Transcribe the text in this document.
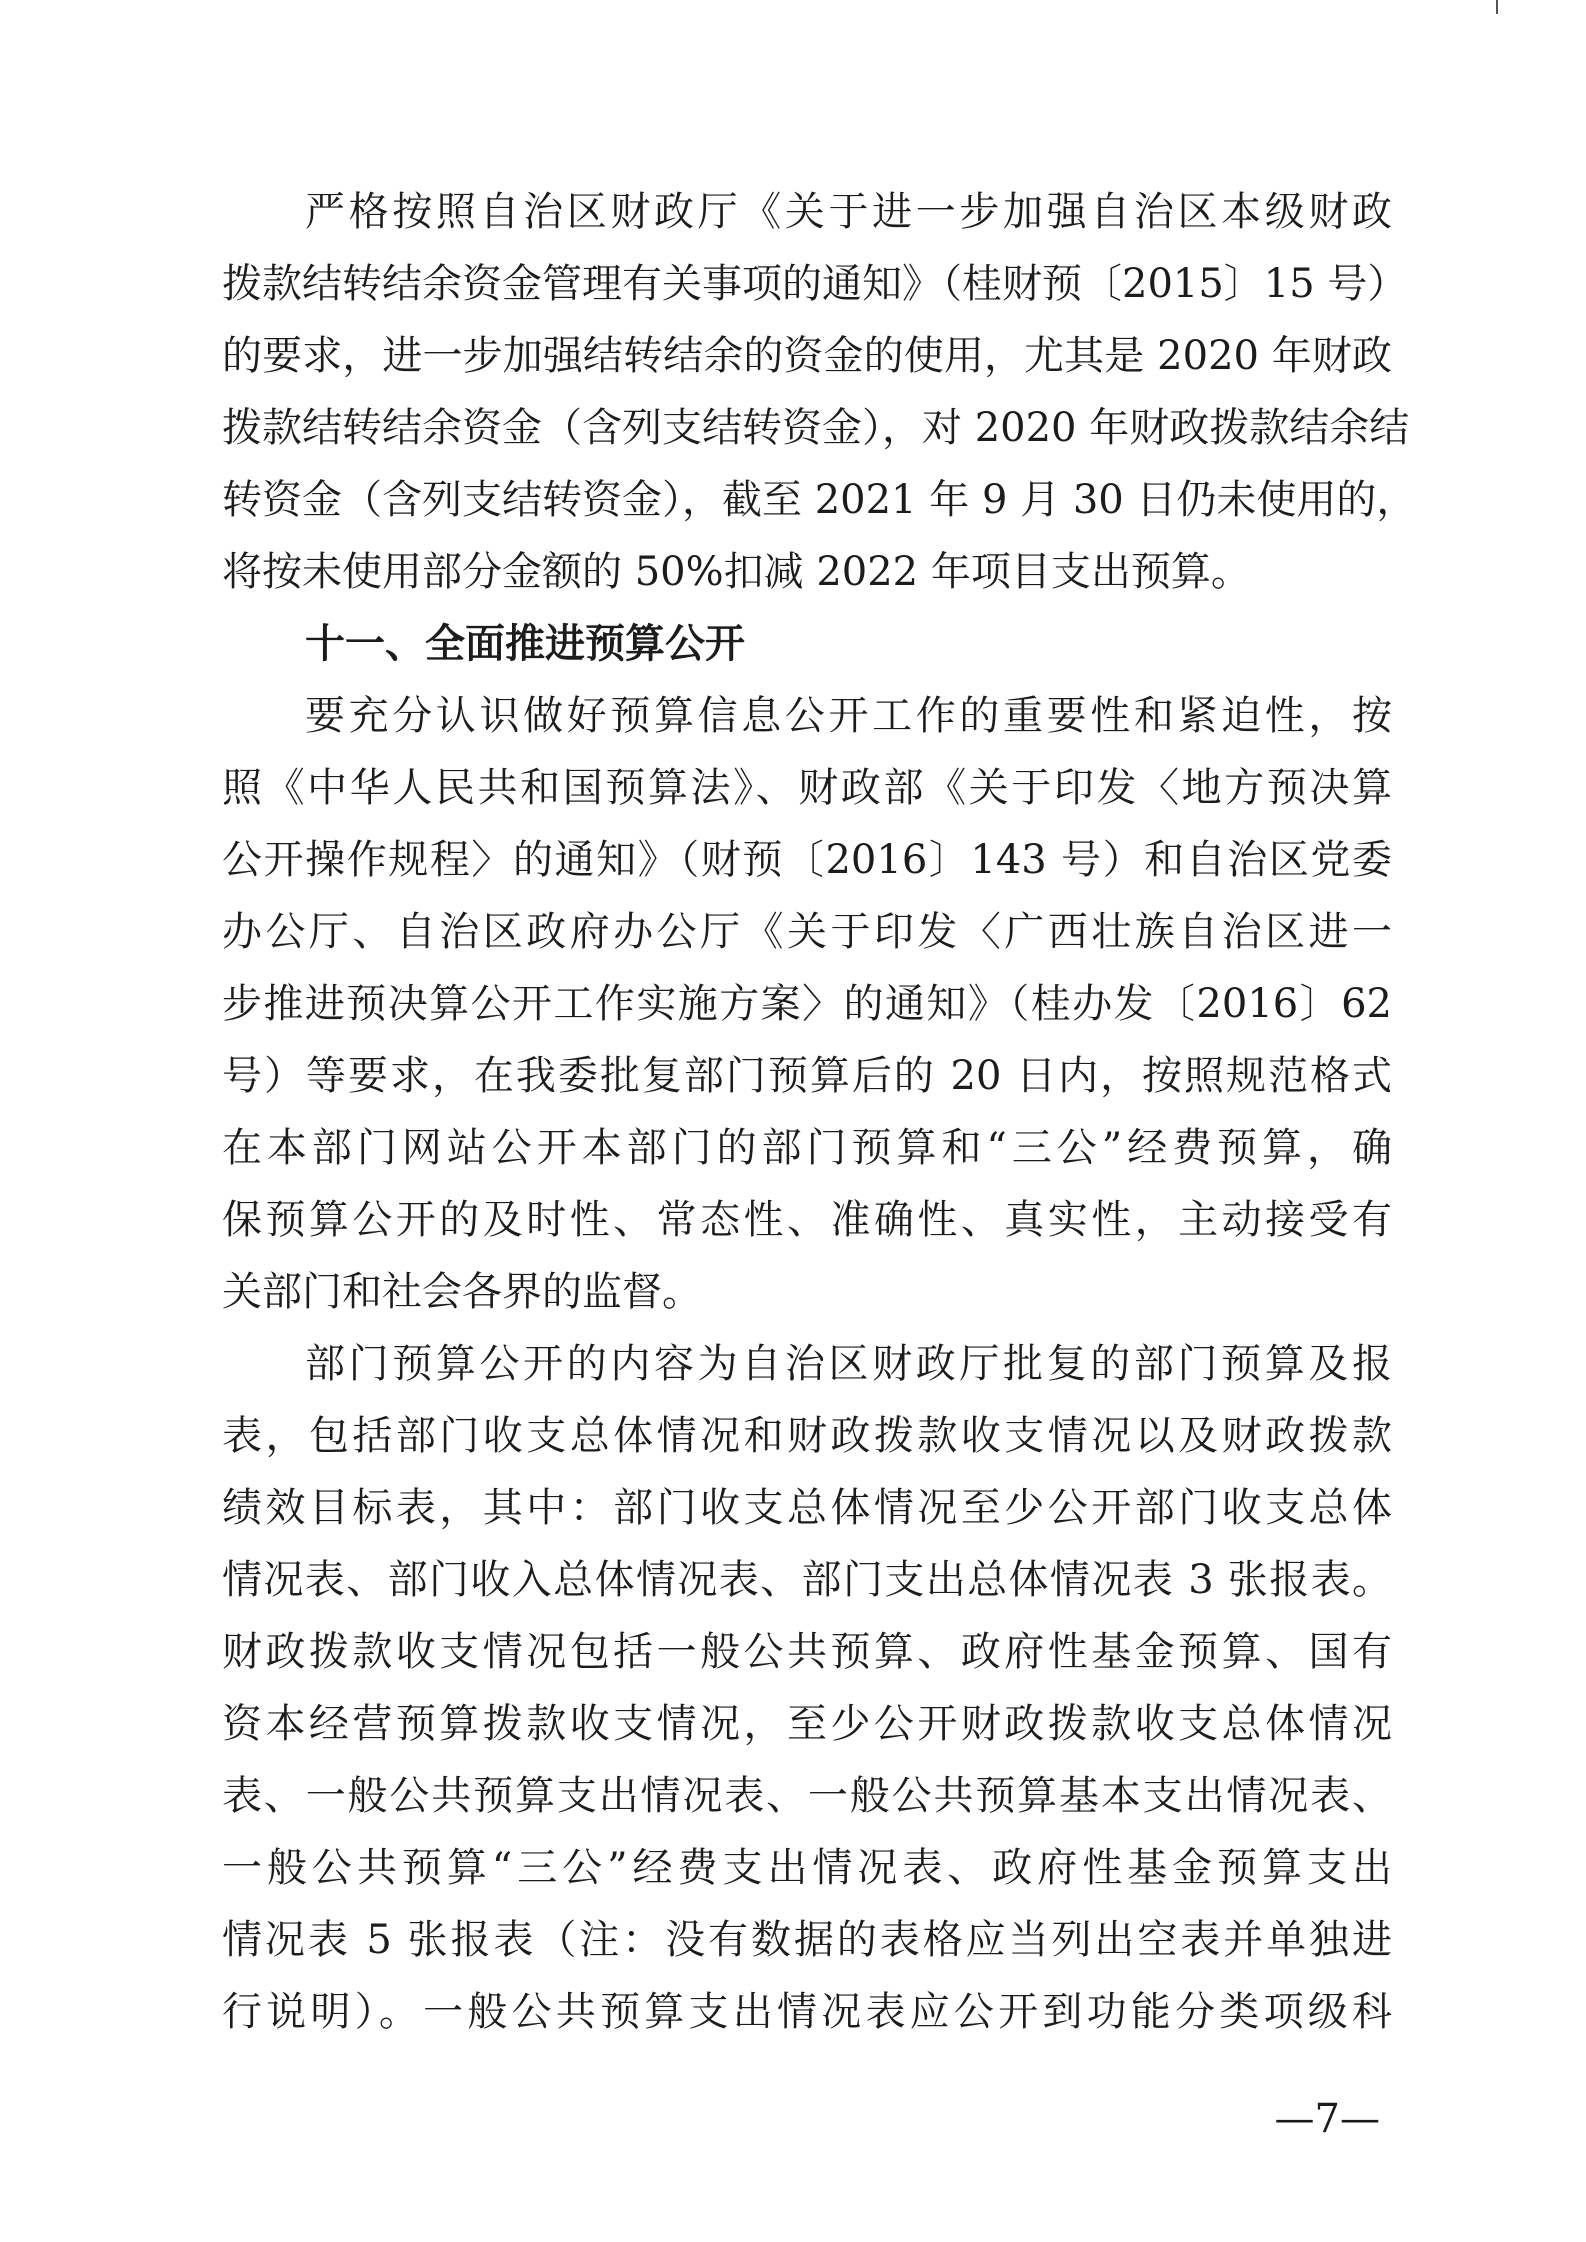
严格按照自治区财政厅《关于进一步加强自治区本级财政
拨款结转结余资金管理有关事项的通知》（桂财预〔2015〕15 号）
的要求，进一步加强结转结余的资金的使用，尤其是 2020 年财政
拨款结转结余资金（含列支结转资金），对 2020 年财政拨款结余结
转资金（含列支结转资金），截至 2021 年 9 月 30 日仍未使用的，
将按未使用部分金额的 50%扣减 2022 年项目支出预算。
十一、全面推进预算公开
要充分认识做好预算信息公开工作的重要性和紧迫性，按
照《中华人民共和国预算法》、财政部《关于印发〈地方预决算
公开操作规程〉的通知》（财预〔2016〕143 号）和自治区党委
办公厅、自治区政府办公厅《关于印发〈广西壮族自治区进一
步推进预决算公开工作实施方案〉的通知》（桂办发〔2016〕62
号）等要求，在我委批复部门预算后的 20 日内，按照规范格式
在本部门网站公开本部门的部门预算和“三公”经费预算，确
保预算公开的及时性、常态性、准确性、真实性，主动接受有
关部门和社会各界的监督。
部门预算公开的内容为自治区财政厅批复的部门预算及报
表，包括部门收支总体情况和财政拨款收支情况以及财政拨款
绩效目标表，其中：部门收支总体情况至少公开部门收支总体
情况表、部门收入总体情况表、部门支出总体情况表 3 张报表。
财政拨款收支情况包括一般公共预算、政府性基金预算、国有
资本经营预算拨款收支情况，至少公开财政拨款收支总体情况
表、一般公共预算支出情况表、一般公共预算基本支出情况表、
一般公共预算“三公”经费支出情况表、政府性基金预算支出
情况表 5 张报表（注：没有数据的表格应当列出空表并单独进
行说明）。一般公共预算支出情况表应公开到功能分类项级科
—7—
